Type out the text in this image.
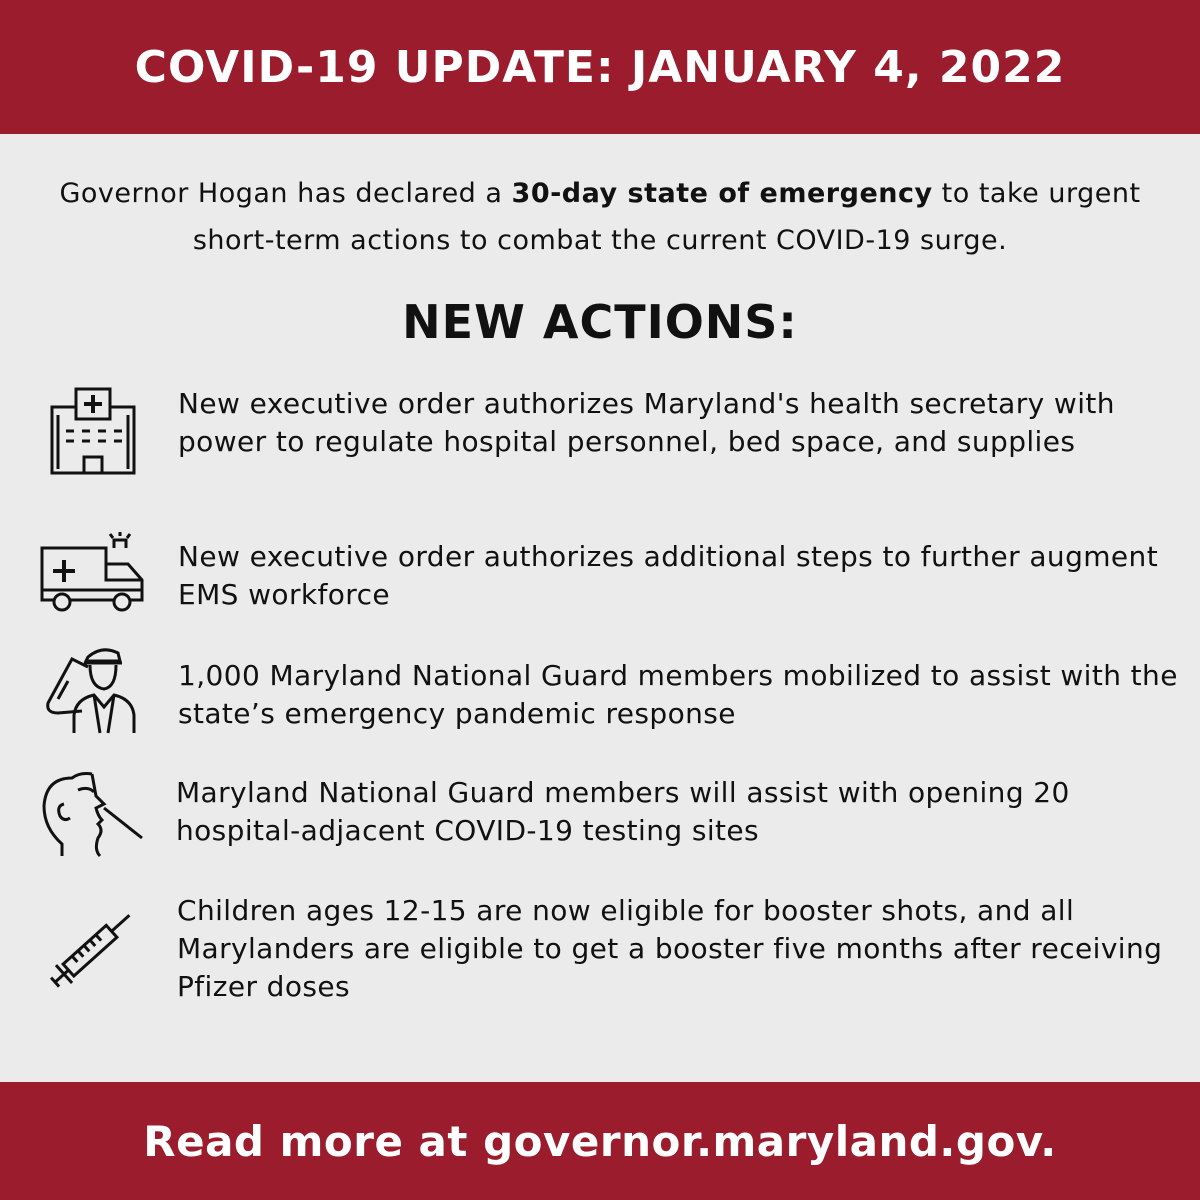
COVID-19 UPDATE: JANUARY 4, 2022

Governor Hogan has declared a 30-day state of emergency to take urgent short-term actions to combat the current COVID-19 surge.

NEW ACTIONS:

New executive order authorizes Maryland's health secretary with power to regulate hospital personnel, bed space, and supplies

New executive order authorizes additional steps to further augment EMS workforce

1,000 Maryland National Guard members mobilized to assist with the state’s emergency pandemic response

Maryland National Guard members will assist with opening 20 hospital-adjacent COVID-19 testing sites

Children ages 12-15 are now eligible for booster shots, and all Marylanders are eligible to get a booster five months after receiving Pfizer doses

Read more at governor.maryland.gov.
